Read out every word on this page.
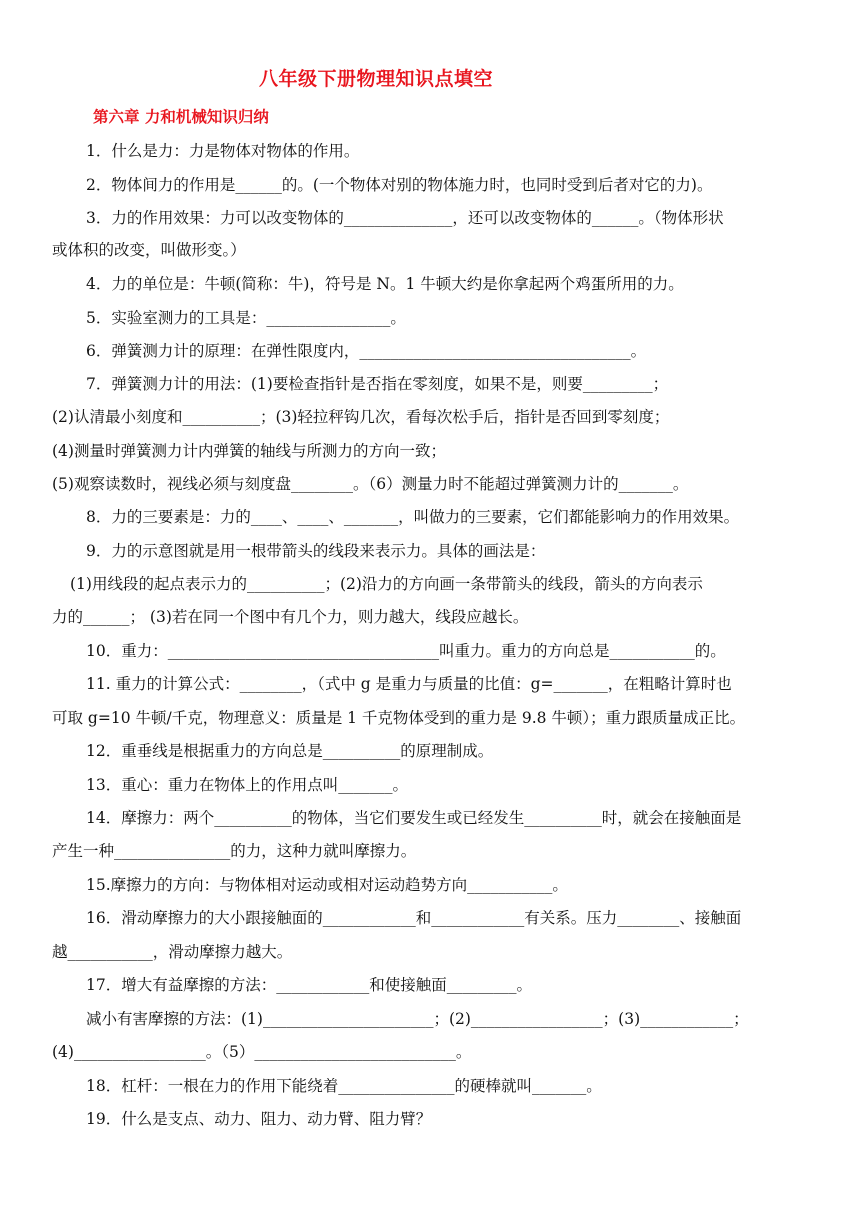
八年级下册物理知识点填空
第六章 力和机械知识归纳
1．什么是力：力是物体对物体的作用。
2．物体间力的作用是______的。(一个物体对别的物体施力时，也同时受到后者对它的力)。
3．力的作用效果：力可以改变物体的______________，还可以改变物体的______。（物体形状
或体积的改变，叫做形变。）
4．力的单位是：牛顿(简称：牛)，符号是 N。1 牛顿大约是你拿起两个鸡蛋所用的力。
5．实验室测力的工具是：________________。
6．弹簧测力计的原理：在弹性限度内，___________________________________。
7．弹簧测力计的用法：(1)要检查指针是否指在零刻度，如果不是，则要_________；
(2)认清最小刻度和__________；(3)轻拉秤钩几次，看每次松手后，指针是否回到零刻度；
(4)测量时弹簧测力计内弹簧的轴线与所测力的方向一致；
(5)观察读数时，视线必须与刻度盘________。（6）测量力时不能超过弹簧测力计的_______。
8．力的三要素是：力的____、____、_______，叫做力的三要素，它们都能影响力的作用效果。
9．力的示意图就是用一根带箭头的线段来表示力。具体的画法是：
(1)用线段的起点表示力的__________；(2)沿力的方向画一条带箭头的线段，箭头的方向表示
力的______； (3)若在同一个图中有几个力，则力越大，线段应越长。
10．重力：___________________________________叫重力。重力的方向总是___________的。
11. 重力的计算公式：________，（式中 g 是重力与质量的比值：g=_______，在粗略计算时也
可取 g=10 牛顿/千克，物理意义：质量是 1 千克物体受到的重力是 9.8 牛顿）；重力跟质量成正比。
12．重垂线是根据重力的方向总是__________的原理制成。
13．重心：重力在物体上的作用点叫_______。
14．摩擦力：两个__________的物体，当它们要发生或已经发生__________时，就会在接触面是
产生一种_______________的力，这种力就叫摩擦力。
15.摩擦力的方向：与物体相对运动或相对运动趋势方向___________。
16．滑动摩擦力的大小跟接触面的____________和____________有关系。压力________、接触面
越___________，滑动摩擦力越大。
17．增大有益摩擦的方法：____________和使接触面_________。
减小有害摩擦的方法：(1)______________________；(2)_________________；(3)____________；
(4)_________________。（5）__________________________。
18．杠杆：一根在力的作用下能绕着_______________的硬棒就叫_______。
19．什么是支点、动力、阻力、动力臂、阻力臂？
